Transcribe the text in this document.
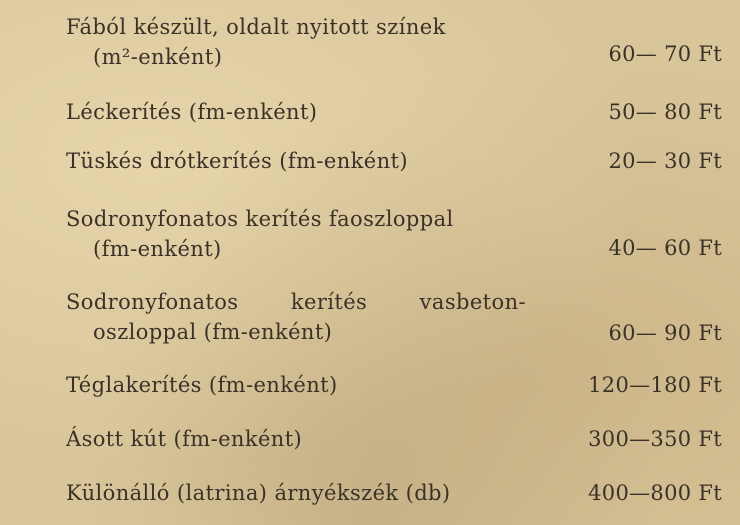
Fából készült, oldalt nyitott színek
(m²-enként)	60— 70 Ft
Léckerítés (fm-enként)	50— 80 Ft
Tüskés drótkerítés (fm-enként)	20— 30 Ft
Sodronyfonatos kerítés faoszloppal
(fm-enként)	40— 60 Ft
Sodronyfonatos kerítés vasbeton-
oszloppal (fm-enként)	60— 90 Ft
Téglakerítés (fm-enként)	120—180 Ft
Ásott kút (fm-enként)	300—350 Ft
Különálló (latrina) árnyékszék (db)	400—800 Ft
